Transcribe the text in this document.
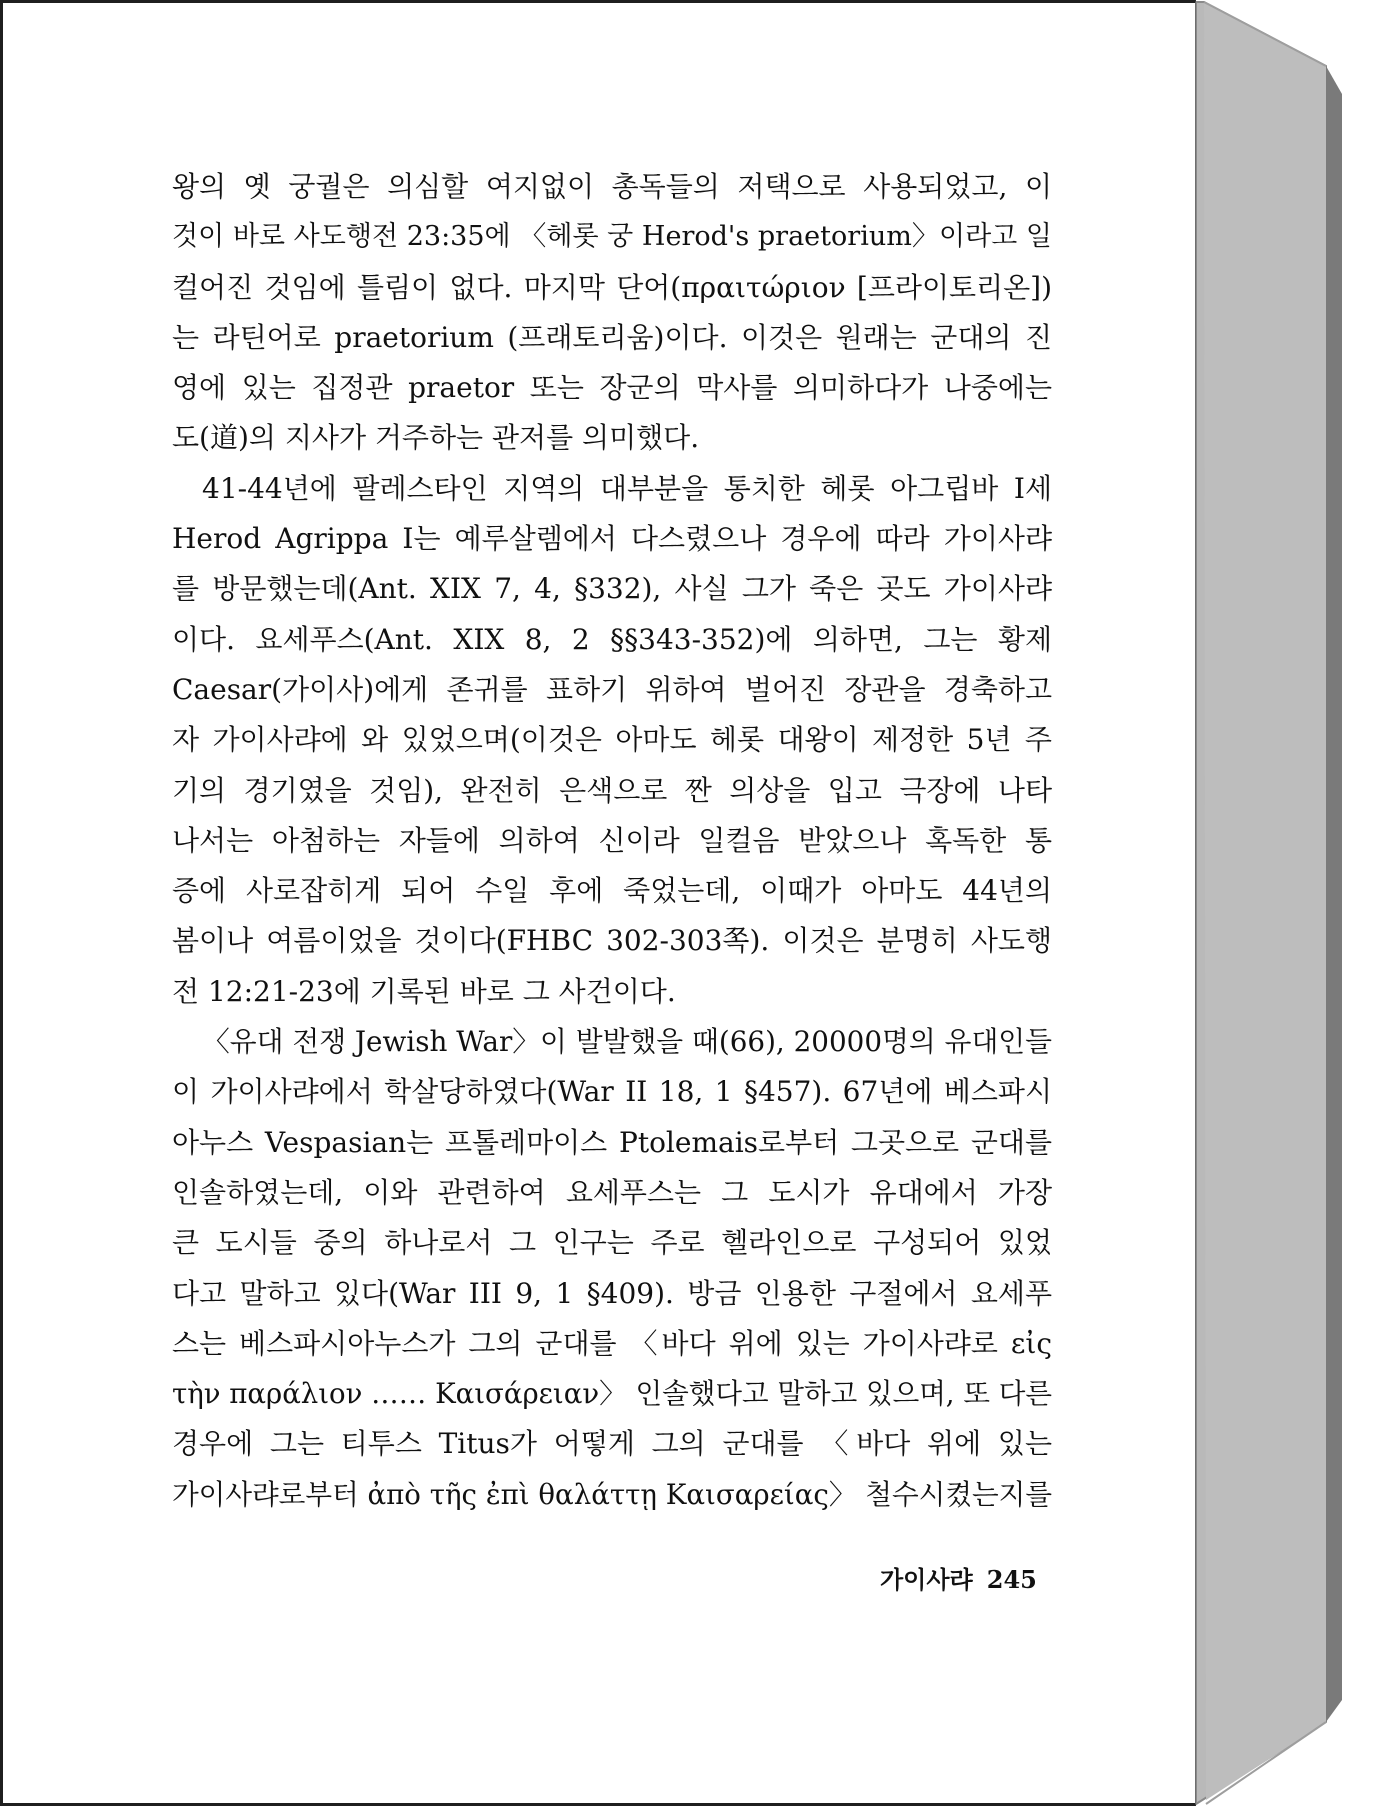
왕의 옛 궁궐은 의심할 여지없이 총독들의 저택으로 사용되었고, 이
것이 바로 사도행전 23:35에 〈헤롯 궁 Herod's praetorium〉이라고 일
컬어진 것임에 틀림이 없다. 마지막 단어(πραιτώριον [프라이토리온])
는 라틴어로 praetorium (프래토리움)이다. 이것은 원래는 군대의 진
영에 있는 집정관 praetor 또는 장군의 막사를 의미하다가 나중에는
도(道)의 지사가 거주하는 관저를 의미했다.
41-44년에 팔레스타인 지역의 대부분을 통치한 헤롯 아그립바 I세
Herod Agrippa I는 예루살렘에서 다스렸으나 경우에 따라 가이사랴
를 방문했는데(Ant. XIX 7, 4, §332), 사실 그가 죽은 곳도 가이사랴
이다. 요세푸스(Ant. XIX 8, 2 §§343-352)에 의하면, 그는 황제
Caesar(가이사)에게 존귀를 표하기 위하여 벌어진 장관을 경축하고
자 가이사랴에 와 있었으며(이것은 아마도 헤롯 대왕이 제정한 5년 주
기의 경기였을 것임), 완전히 은색으로 짠 의상을 입고 극장에 나타
나서는 아첨하는 자들에 의하여 신이라 일컬음 받았으나 혹독한 통
증에 사로잡히게 되어 수일 후에 죽었는데, 이때가 아마도 44년의
봄이나 여름이었을 것이다(FHBC 302-303쪽). 이것은 분명히 사도행
전 12:21-23에 기록된 바로 그 사건이다.
〈유대 전쟁 Jewish War〉이 발발했을 때(66), 20000명의 유대인들
이 가이사랴에서 학살당하였다(War II 18, 1 §457). 67년에 베스파시
아누스 Vespasian는 프톨레마이스 Ptolemais로부터 그곳으로 군대를
인솔하였는데, 이와 관련하여 요세푸스는 그 도시가 유대에서 가장
큰 도시들 중의 하나로서 그 인구는 주로 헬라인으로 구성되어 있었
다고 말하고 있다(War III 9, 1 §409). 방금 인용한 구절에서 요세푸
스는 베스파시아누스가 그의 군대를 〈바다 위에 있는 가이사랴로 εἰς
τὴν παράλιον …… Καισάρειαν〉 인솔했다고 말하고 있으며, 또 다른
경우에 그는 티투스 Titus가 어떻게 그의 군대를 〈바다 위에 있는
가이사랴로부터 ἀπὸ τῆς ἐπὶ θαλάττῃ Καισαρείας〉 철수시켰는지를
가이사랴 245
